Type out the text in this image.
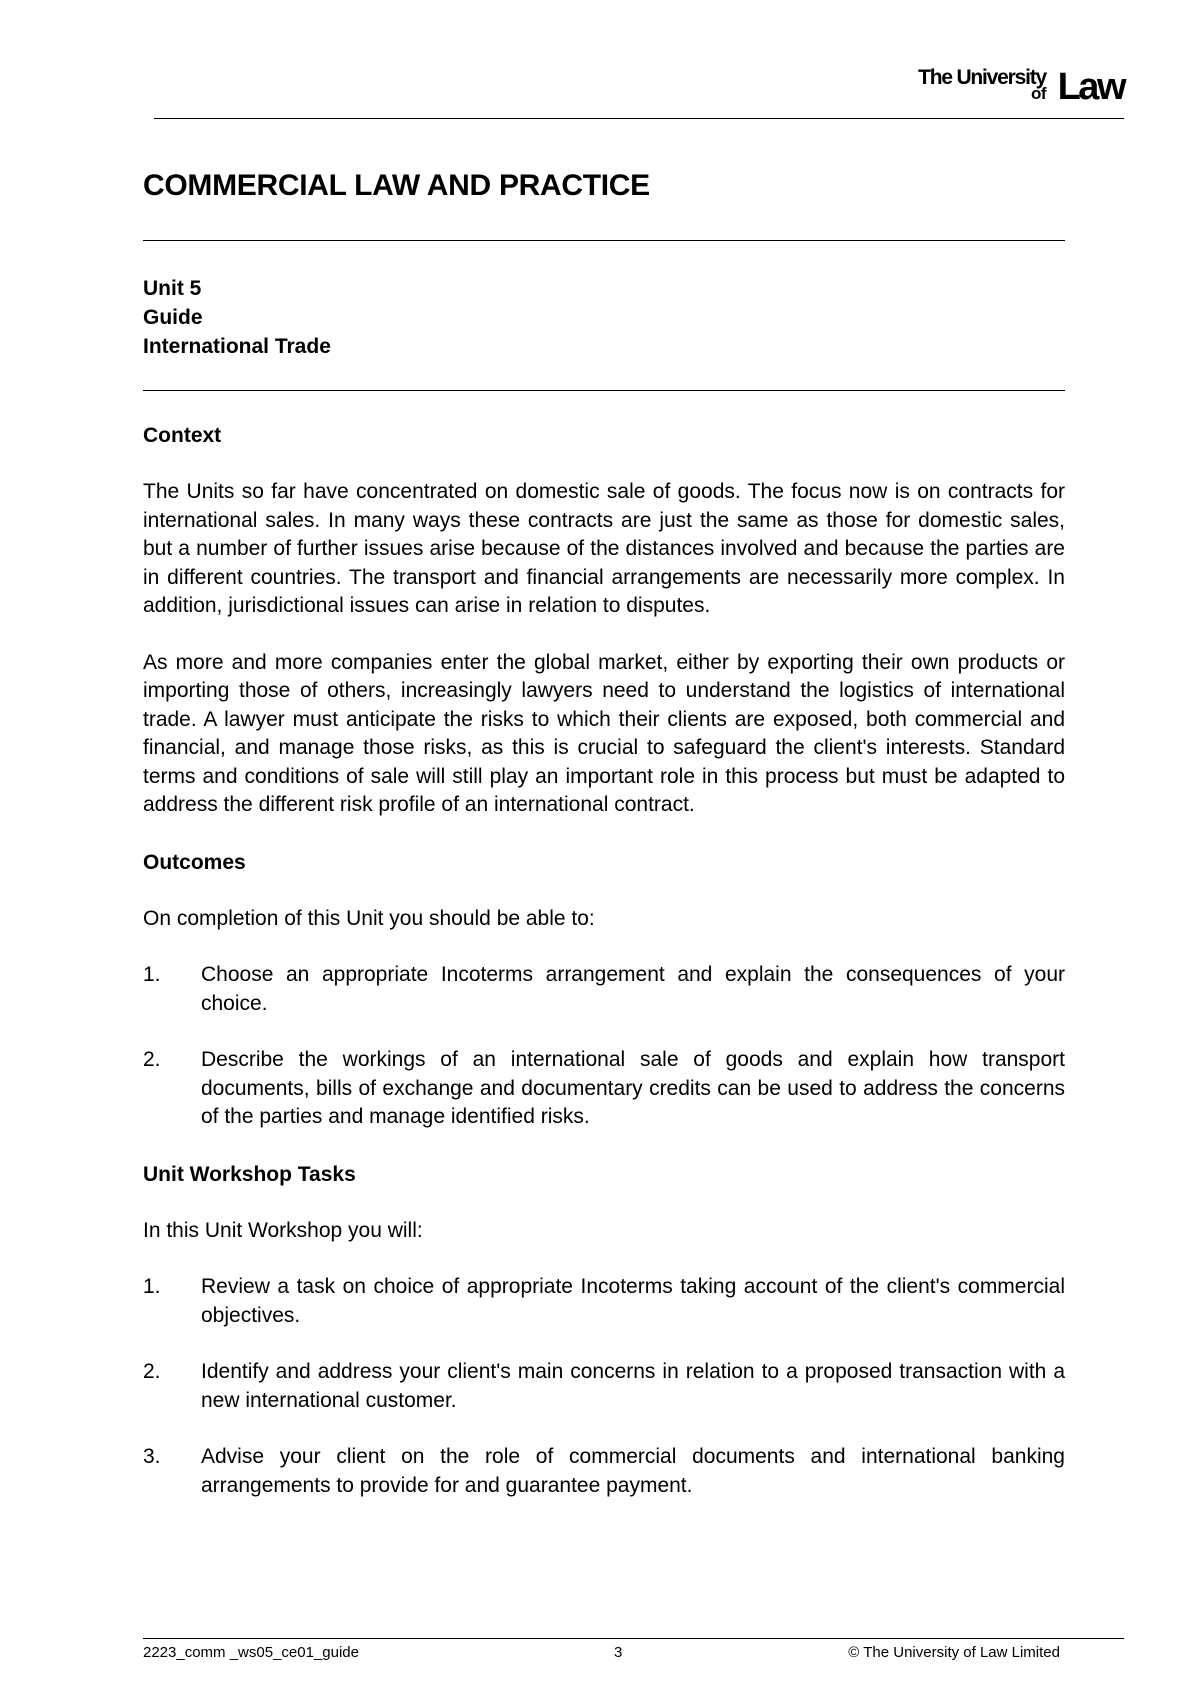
The University
of Law
COMMERCIAL LAW AND PRACTICE
Unit 5
Guide
International Trade
Context

The Units so far have concentrated on domestic sale of goods. The focus now is on contracts for international sales. In many ways these contracts are just the same as those for domestic sales, but a number of further issues arise because of the distances involved and because the parties are in different countries. The transport and financial arrangements are necessarily more complex. In addition, jurisdictional issues can arise in relation to disputes.

As more and more companies enter the global market, either by exporting their own products or importing those of others, increasingly lawyers need to understand the logistics of international trade. A lawyer must anticipate the risks to which their clients are exposed, both commercial and financial, and manage those risks, as this is crucial to safeguard the client's interests. Standard terms and conditions of sale will still play an important role in this process but must be adapted to address the different risk profile of an international contract.

Outcomes

On completion of this Unit you should be able to:

1.	Choose an appropriate Incoterms arrangement and explain the consequences of your choice.
2.	Describe the workings of an international sale of goods and explain how transport documents, bills of exchange and documentary credits can be used to address the concerns of the parties and manage identified risks.
Unit Workshop Tasks

In this Unit Workshop you will:

1.	Review a task on choice of appropriate Incoterms taking account of the client's commercial objectives.
2.	Identify and address your client's main concerns in relation to a proposed transaction with a new international customer.
3.	Advise your client on the role of commercial documents and international banking arrangements to provide for and guarantee payment.
2223_comm _ws05_ce01_guide	3	© The University of Law Limited
